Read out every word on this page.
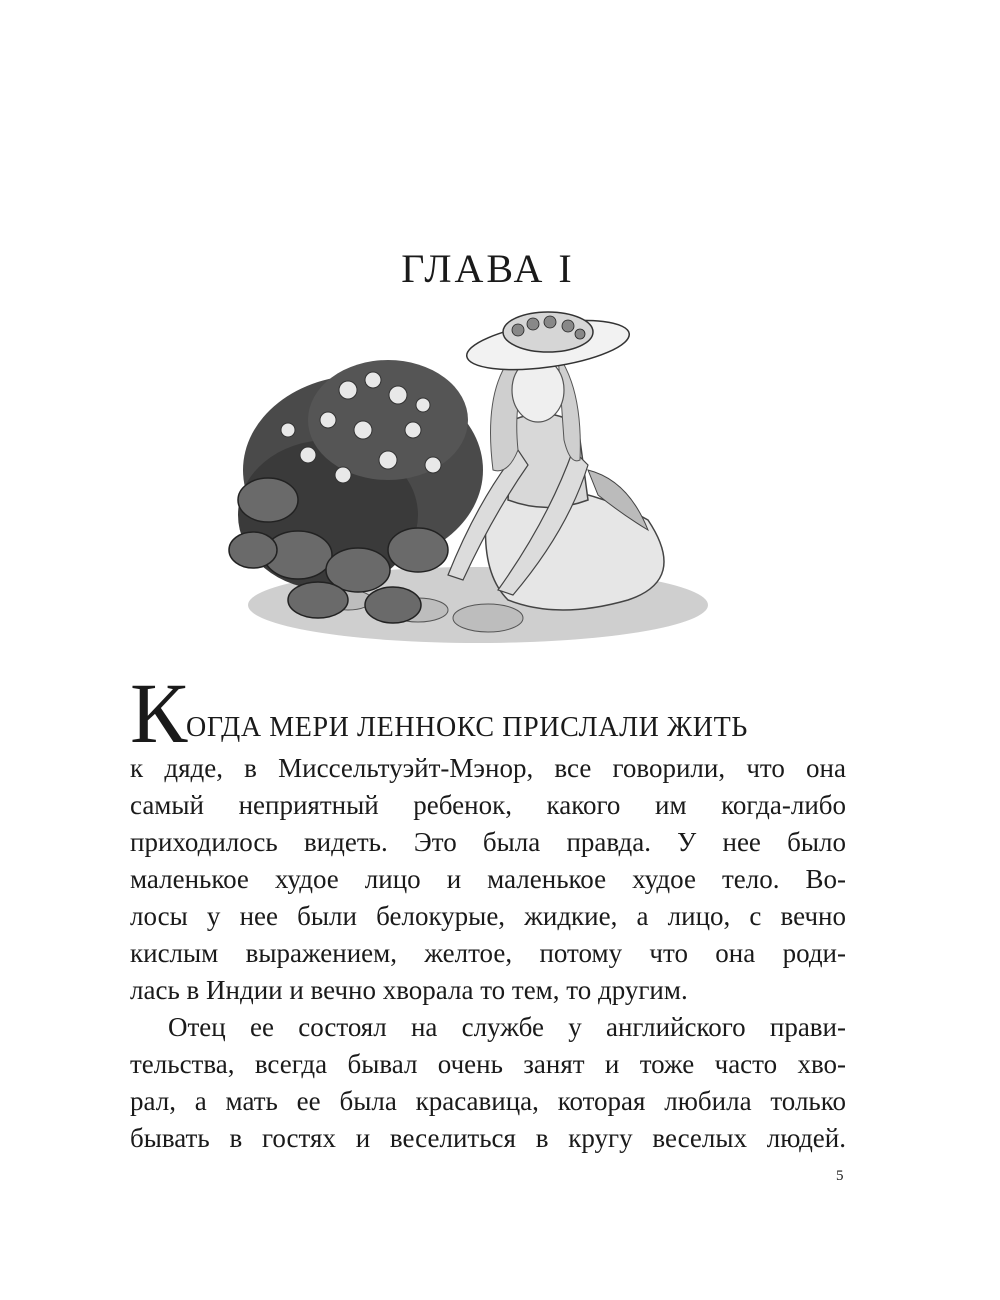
ГЛАВА I
К
ОГДА МЕРИ ЛЕННОКС ПРИСЛАЛИ ЖИТЬ
к дяде, в Миссельтуэйт-Мэнор, все говорили, что она
самый неприятный ребенок, какого им когда-либо
приходилось видеть. Это была правда. У нее было
маленькое худое лицо и маленькое худое тело. Во-
лосы у нее были белокурые, жидкие, а лицо, с вечно
кислым выражением, желтое, потому что она роди-
лась в Индии и вечно хворала то тем, то другим.
Отец ее состоял на службе у английского прави-
тельства, всегда бывал очень занят и тоже часто хво-
рал, а мать ее была красавица, которая любила только
бывать в гостях и веселиться в кругу веселых людей.
5
